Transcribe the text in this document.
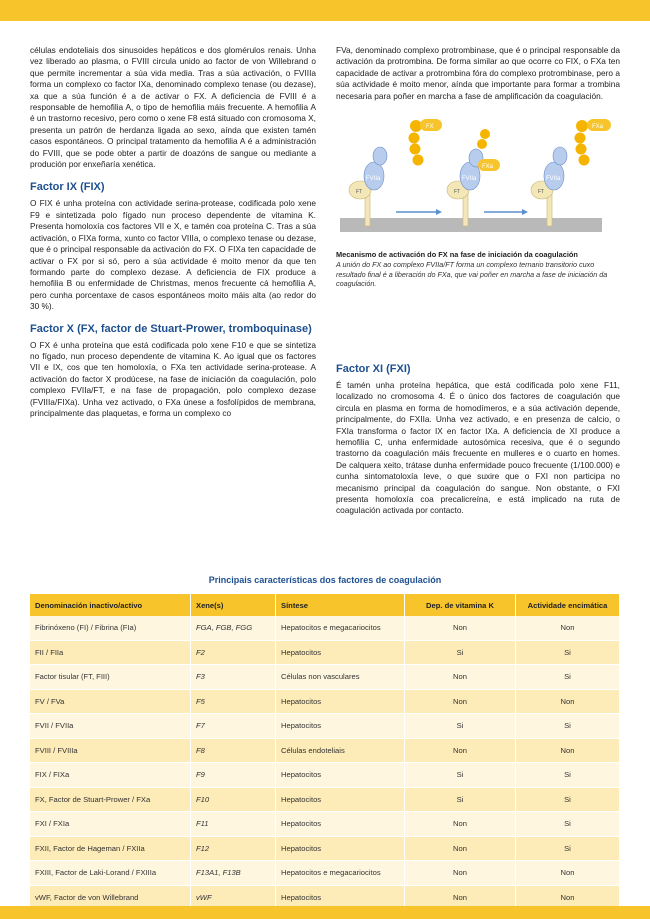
células endoteliais dos sinusoides hepáticos e dos glomérulos renais. Unha vez liberado ao plasma, o FVIII circula unido ao factor de von Willebrand o que permite incrementar a súa vida media. Tras a súa activación, o FVIIIa forma un complexo co factor IXa, denominado complexo tenase (ou dezase), xa que a súa función é a de activar o FX. A deficiencia de FVIII é a responsable de hemofilia A, o tipo de hemofilia máis frecuente. A hemofilia A é un trastorno recesivo, pero como o xene F8 está situado con cromosoma X, presenta un patrón de herdanza ligada ao sexo, aínda que existen tamén casos espontáneos. O principal tratamento da hemofilia A é a administración do FVIII, que se pode obter a partir de doazóns de sangue ou mediante a produción por enxeñaría xenética.

Factor IX (FIX)

O FIX é unha proteína con actividade serina-protease, codificada polo xene F9 e sintetizada polo fígado nun proceso dependente de vitamina K. Presenta homoloxía cos factores VII e X, e tamén coa proteína C. Tras a súa activación, o FIXa forma, xunto co factor VIIIa, o complexo tenase ou dezase, que é o principal responsable da activación do FX. O FIXa ten capacidade de activar o FX por si só, pero a súa actividade é moito menor da que ten formando parte do complexo dezase. A deficiencia de FIX produce a hemofilia B ou enfermidade de Christmas, menos frecuente cá hemofilia A, pero cunha porcentaxe de casos espontáneos moito máis alta (ao redor do 30 %).

Factor X (FX, factor de Stuart-Prower, tromboquinase)

O FX é unha proteína que está codificada polo xene F10 e que se sintetiza no fígado, nun proceso dependente de vitamina K. Ao igual que os factores VII e IX, cos que ten homoloxía, o FXa ten actividade serina-protease. A activación do factor X prodúcese, na fase de iniciación da coagulación, polo complexo FVIIa/FT, e na fase de propagación, polo complexo dezase (FVIIIa/FIXa). Unha vez activado, o FXa únese a fosfolípidos de membrana, principalmente das plaquetas, e forma un complexo co

FVa, denominado complexo protrombinase, que é o principal responsable da activación da protrombina. De forma similar ao que ocorre co FIX, o FXa ten capacidade de activar a protrombina fóra do complexo protrombinase, pero a súa actividade é moito menor, aínda que importante para formar a trombina necesaria para poñer en marcha a fase de amplificación da coagulación.

FVIIa
FT
FX
FVIIa
FXa
FT
FVIIa
FT
FXa
Mecanismo de activación do FX na fase de iniciación da coagulación
A unión do FX ao complexo FVIIa/FT forma un complexo ternario transitorio cuxo resultado final é a liberación do FXa, que vai poñer en marcha a fase de iniciación da coagulación.
Factor XI (FXI)

É tamén unha proteína hepática, que está codificada polo xene F11, localizado no cromosoma 4. É o único dos factores de coagulación que circula en plasma en forma de homodímeros, e a súa activación depende, principalmente, do FXIIa. Unha vez activado, e en presenza de calcio, o FXIa transforma o factor IX en factor IXa. A deficiencia de XI produce a hemofilia C, unha enfermidade autosómica recesiva, que é o segundo trastorno da coagulación máis frecuente en mulleres e o cuarto en homes. De calquera xeito, trátase dunha enfermidade pouco frecuente (1/100.000) e cunha sintomatoloxía leve, o que suxire que o FXI non participa no mecanismo principal da coagulación do sangue. Non obstante, o FXI presenta homoloxía coa precalicreína, e está implicado na ruta de coagulación activada por contacto.

Principais características dos factores de coagulación
Denominación inactivo/activo	Xene(s)	Síntese	Dep. de vitamina K	Actividade encimática
Fibrinóxeno (FI) / Fibrina (FIa)	FGA, FGB, FGG	Hepatocitos e megacariocitos	Non	Non
FII / FIIa	F2	Hepatocitos	Si	Si
Factor tisular (FT, FIII)	F3	Células non vasculares	Non	Si
FV / FVa	F5	Hepatocitos	Non	Non
FVII / FVIIa	F7	Hepatocitos	Si	Si
FVIII / FVIIIa	F8	Células endoteliais	Non	Non
FIX / FIXa	F9	Hepatocitos	Si	Si
FX, Factor de Stuart-Prower / FXa	F10	Hepatocitos	Si	Si
FXI / FXIa	F11	Hepatocitos	Non	Si
FXII, Factor de Hageman / FXIIa	F12	Hepatocitos	Non	Si
FXIII, Factor de Laki-Lorand / FXIIIa	F13A1, F13B	Hepatocitos e megacariocitos	Non	Non
vWF, Factor de von Willebrand	vWF	Hepatocitos	Non	Non
